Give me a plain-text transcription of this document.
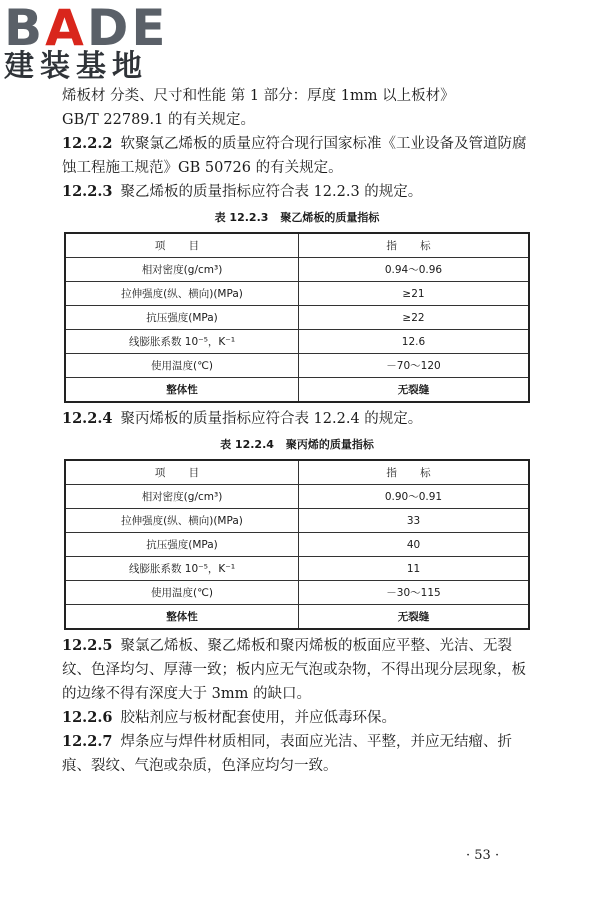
BADE
建装基地

烯板材 分类、尺寸和性能 第 1 部分：厚度 1mm 以上板材》

GB/T 22789.1 的有关规定。

12.2.2 软聚氯乙烯板的质量应符合现行国家标准《工业设备及管道防腐蚀工程施工规范》GB 50726 的有关规定。

12.2.3 聚乙烯板的质量指标应符合表 12.2.3 的规定。

表 12.2.3 聚乙烯板的质量指标
项 目	指 标
相对密度(g/cm³)	0.94～0.96
拉伸强度(纵、横向)(MPa)	≥21
抗压强度(MPa)	≥22
线膨胀系数 10⁻⁵，K⁻¹	12.6
使用温度(℃)	－70～120
整体性	无裂缝

12.2.4 聚丙烯板的质量指标应符合表 12.2.4 的规定。

表 12.2.4 聚丙烯的质量指标
项 目	指 标
相对密度(g/cm³)	0.90～0.91
拉伸强度(纵、横向)(MPa)	33
抗压强度(MPa)	40
线膨胀系数 10⁻⁵，K⁻¹	11
使用温度(℃)	－30～115
整体性	无裂缝

12.2.5 聚氯乙烯板、聚乙烯板和聚丙烯板的板面应平整、光洁、无裂纹、色泽均匀、厚薄一致；板内应无气泡或杂物，不得出现分层现象，板的边缘不得有深度大于 3mm 的缺口。

12.2.6 胶粘剂应与板材配套使用，并应低毒环保。

12.2.7 焊条应与焊件材质相同，表面应光洁、平整，并应无结瘤、折痕、裂纹、气泡或杂质，色泽应均匀一致。

· 53 ·
